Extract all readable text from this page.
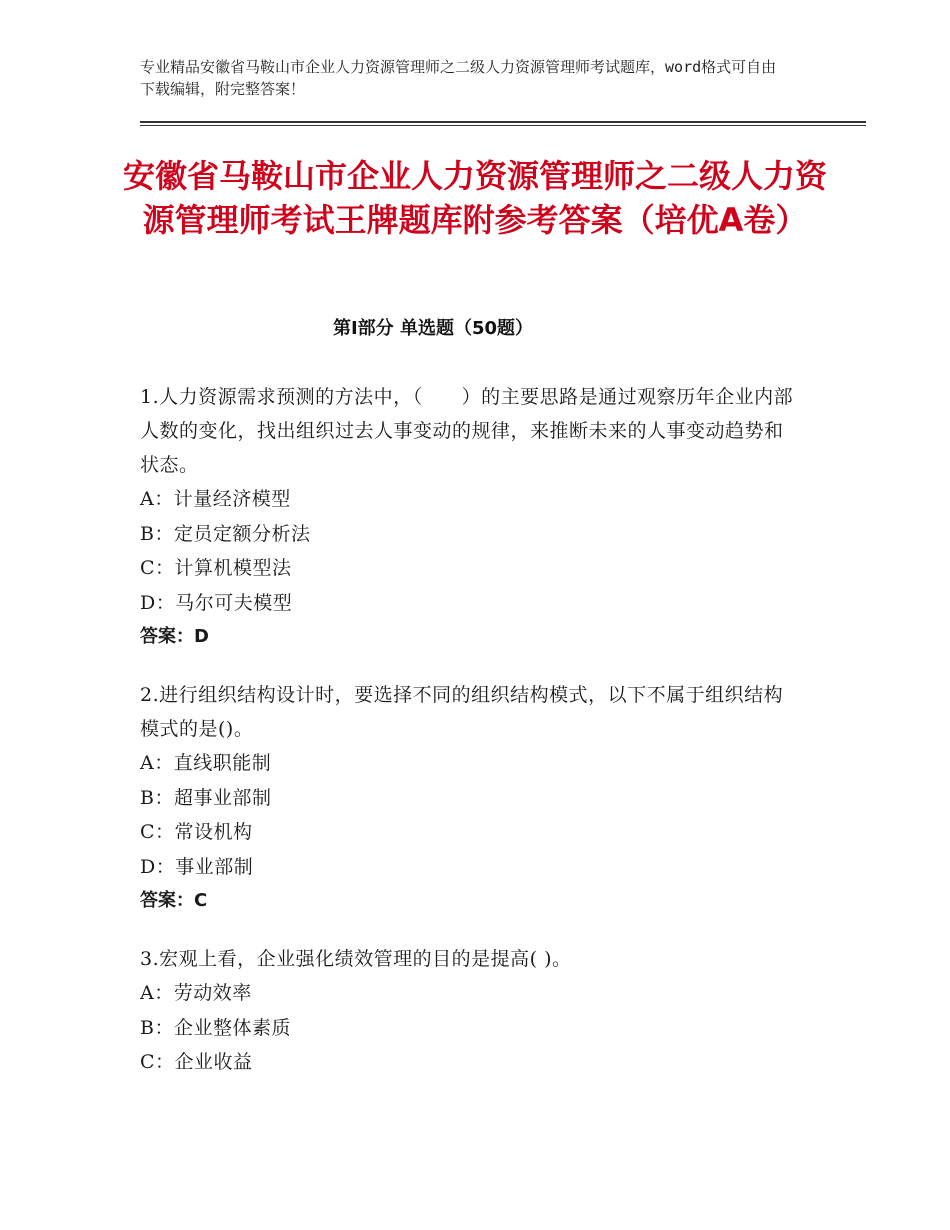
专业精品安徽省马鞍山市企业人力资源管理师之二级人力资源管理师考试题库，word格式可自由下载编辑，附完整答案！
安徽省马鞍山市企业人力资源管理师之二级人力资源管理师考试王牌题库附参考答案（培优A卷）
第Ⅰ部分 单选题（50题）

1.人力资源需求预测的方法中，（　　）的主要思路是通过观察历年企业内部人数的变化，找出组织过去人事变动的规律，来推断未来的人事变动趋势和状态。

A：计量经济模型

B：定员定额分析法

C：计算机模型法

D：马尔可夫模型

答案：D

2.进行组织结构设计时，要选择不同的组织结构模式，以下不属于组织结构模式的是()。

A：直线职能制

B：超事业部制

C：常设机构

D：事业部制

答案：C

3.宏观上看，企业强化绩效管理的目的是提高( )。

A：劳动效率

B：企业整体素质

C：企业收益
